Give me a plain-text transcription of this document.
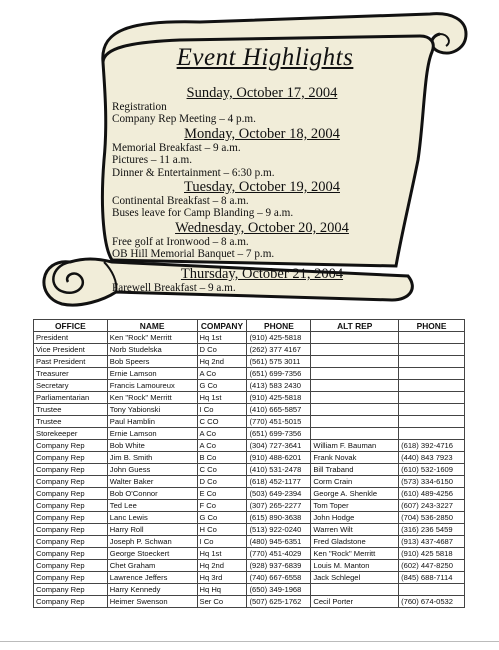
Event Highlights
Sunday, October 17, 2004
Registration
Company Rep Meeting – 4 p.m.
Monday, October 18, 2004
Memorial Breakfast – 9 a.m.
Pictures – 11 a.m.
Dinner & Entertainment – 6:30 p.m.
Tuesday, October 19, 2004
Continental Breakfast – 8 a.m.
Buses leave for Camp Blanding – 9 a.m.
Wednesday, October 20, 2004
Free golf at Ironwood – 8 a.m.
OB Hill Memorial Banquet – 7 p.m.
Thursday, October 21, 2004
Farewell Breakfast – 9 a.m.
OFFICE	NAME	COMPANY	PHONE	ALT REP	PHONE
President	Ken "Rock" Merritt	Hq 1st	(910) 425-5818		
Vice President	Norb Studelska	D Co	(262) 377 4167		
Past President	Bob Speers	Hq 2nd	(561) 575 3011		
Treasurer	Ernie Lamson	A Co	(651) 699-7356		
Secretary	Francis Lamoureux	G Co	(413) 583 2430		
Parliamentarian	Ken "Rock" Merritt	Hq 1st	(910) 425-5818		
Trustee	Tony Yabionski	I Co	(410) 665-5857		
Trustee	Paul Hamblin	C CO	(770) 451-5015		
Storekeeper	Ernie Lamson	A Co	(651) 699-7356		
Company Rep	Bob White	A Co	(304) 727-3641	William F. Bauman	(618) 392-4716
Company Rep	Jim B. Smith	B Co	(910) 488-6201	Frank Novak	(440) 843 7923
Company Rep	John Guess	C Co	(410) 531-2478	Bill Traband	(610) 532-1609
Company Rep	Walter Baker	D Co	(618) 452-1177	Corm Crain	(573) 334-6150
Company Rep	Bob O'Connor	E Co	(503) 649-2394	George A. Shenkle	(610) 489-4256
Company Rep	Ted Lee	F Co	(307) 265-2277	Tom Toper	(607) 243-3227
Company Rep	Lanc Lewis	G Co	(615) 890-3638	John Hodge	(704) 536-2850
Company Rep	Harry Roll	H Co	(513) 922-0240	Warren Wilt	(316) 236 5459
Company Rep	Joseph P. Schwan	I Co	(480) 945-6351	Fred Gladstone	(913) 437-4687
Company Rep	George Stoeckert	Hq 1st	(770) 451-4029	Ken "Rock" Merritt	(910) 425 5818
Company Rep	Chet Graham	Hq 2nd	(928) 937-6839	Louis M. Manton	(602) 447-8250
Company Rep	Lawrence Jeffers	Hq 3rd	(740) 667-6558	Jack Schlegel	(845) 688-7114
Company Rep	Harry Kennedy	Hq Hq	(650) 349-1968		
Company Rep	Heimer Swenson	Ser Co	(507) 625-1762	Cecil Porter	(760) 674-0532
